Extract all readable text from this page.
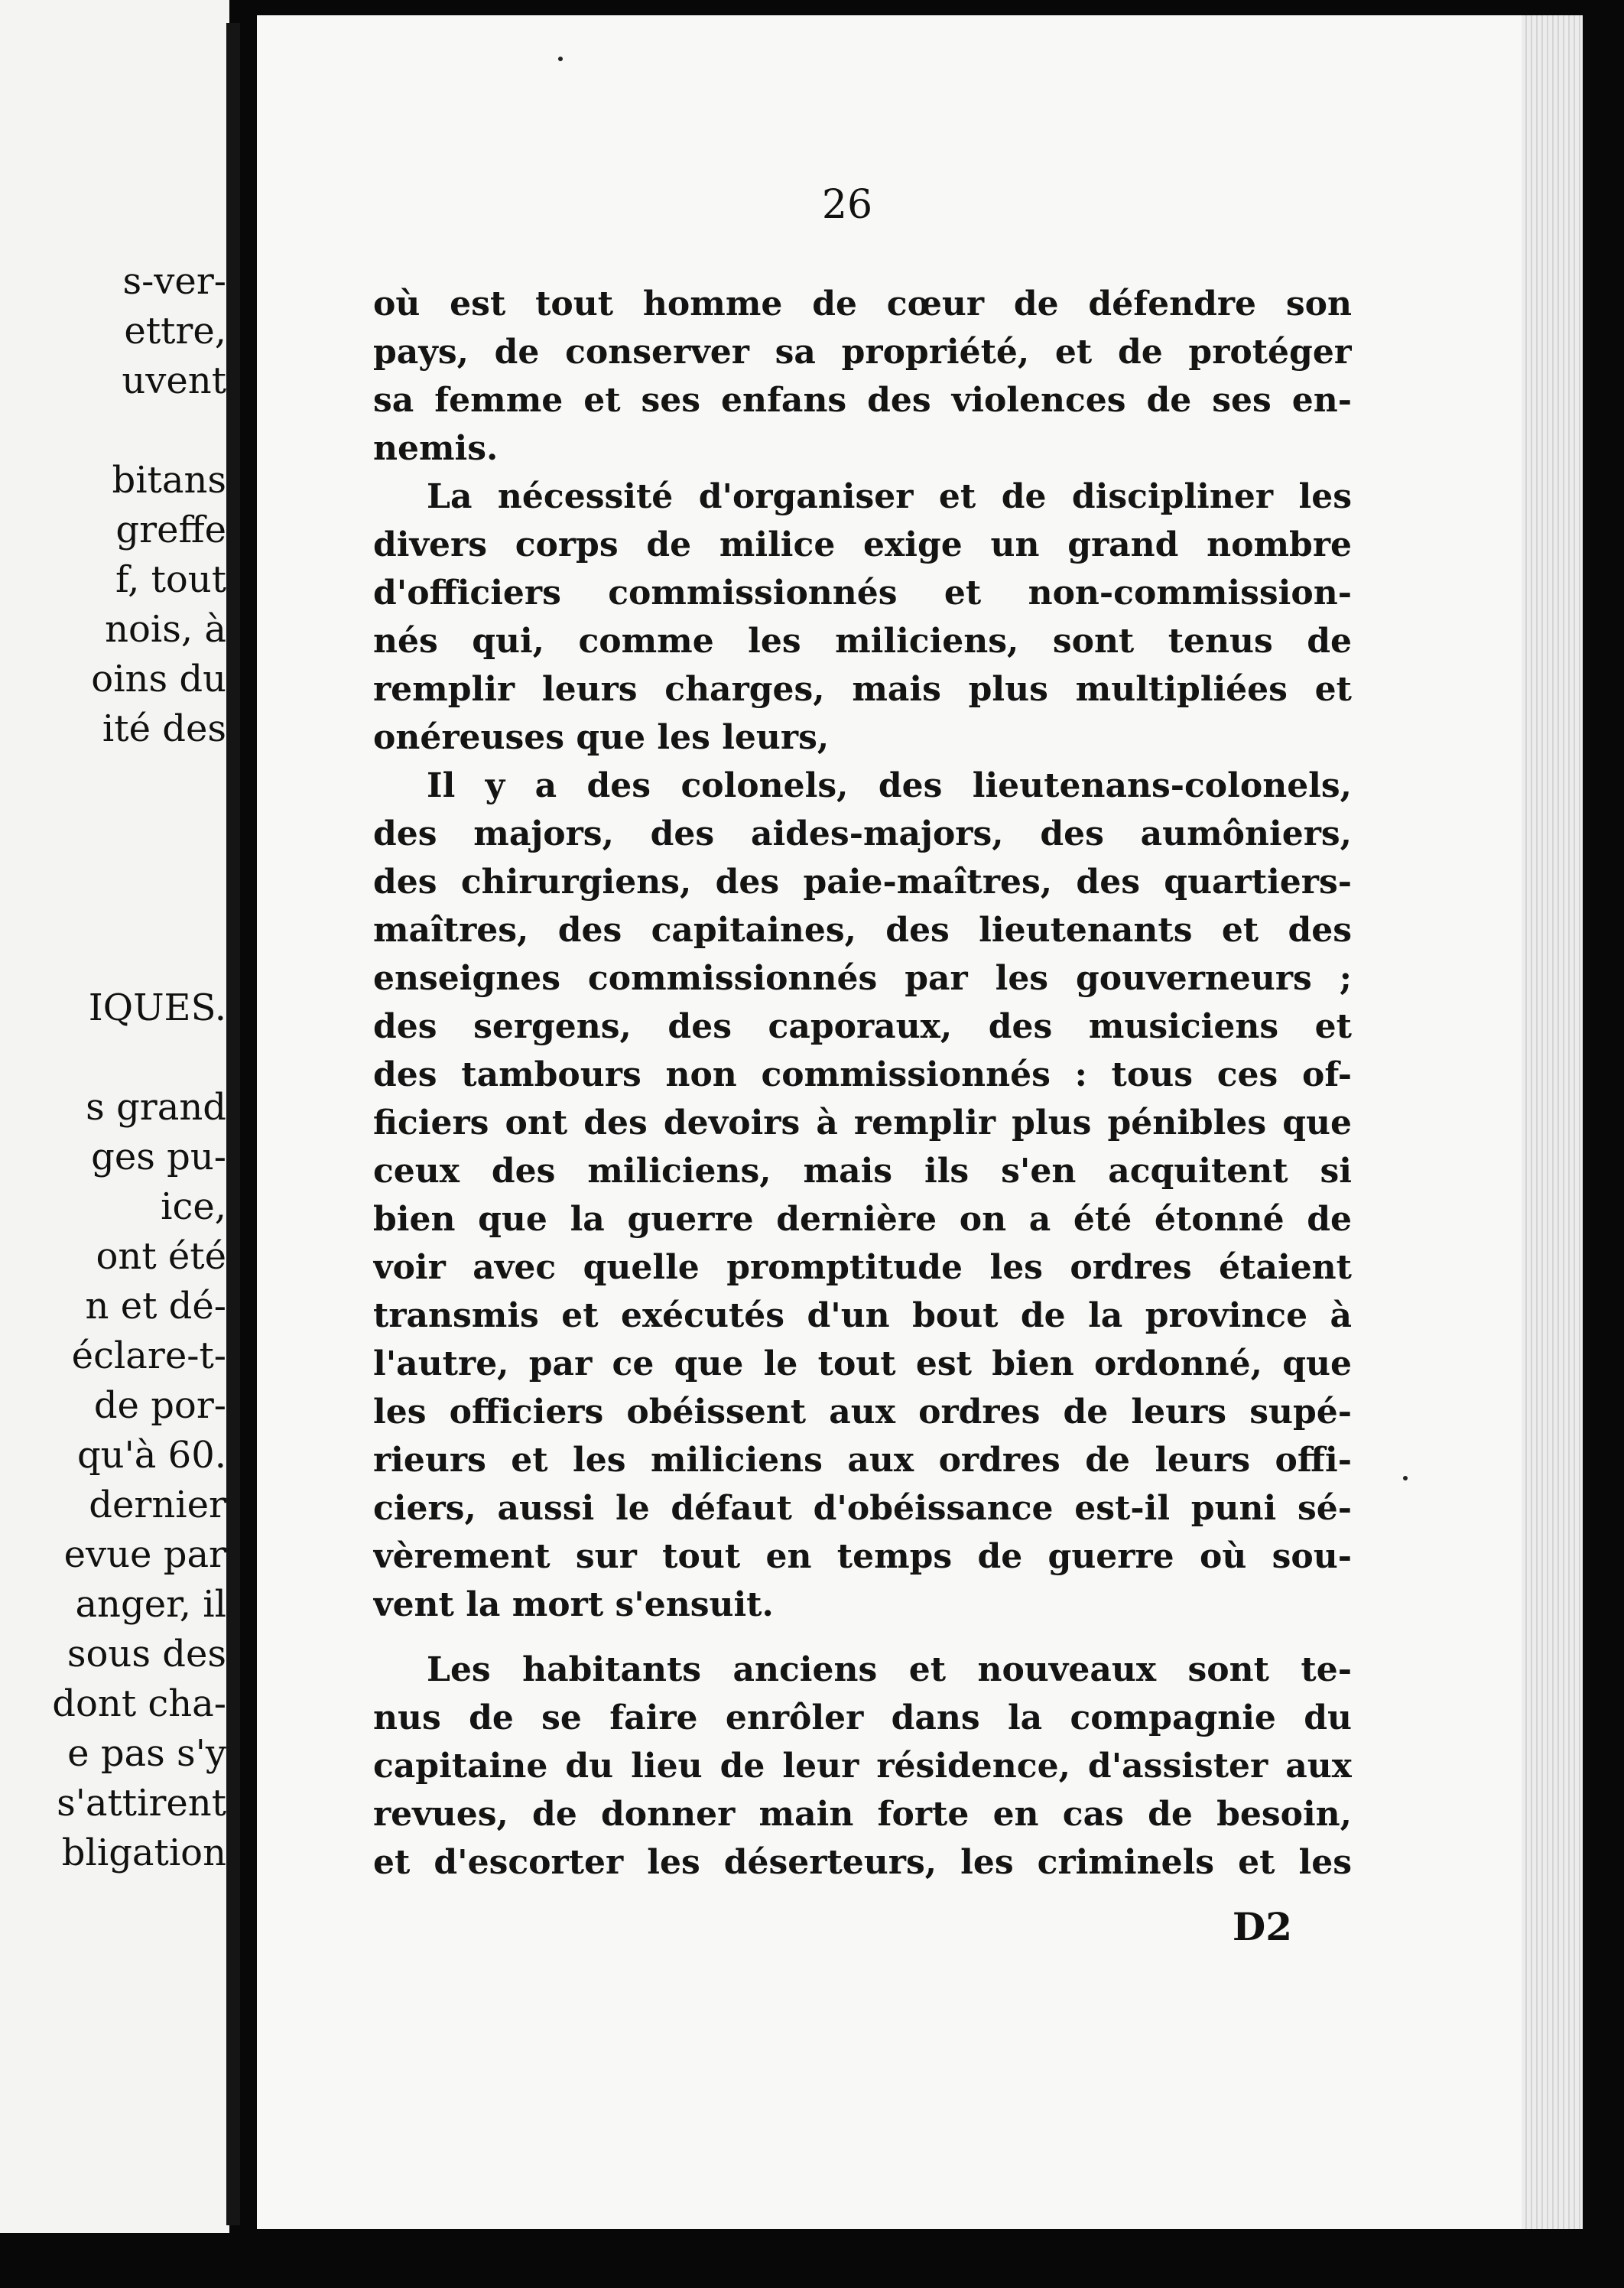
s-ver-
ettre,
uvent
bitans
greffe
f, tout
nois, à
oins du
ité des
IQUES.
s grand
ges pu-
ice,
ont été
n et dé-
éclare-t-
de por-
qu'à 60.
dernier
evue par
anger, il
sous des
dont cha-
e pas s'y
s'attirent
bligation
26
où est tout homme de cœur de défendre son
pays, de conserver sa propriété, et de protéger
sa femme et ses enfans des violences de ses en-
nemis.
La nécessité d'organiser et de discipliner les
divers corps de milice exige un grand nombre
d'officiers commissionnés et non-commission-
nés qui, comme les miliciens, sont tenus de
remplir leurs charges, mais plus multipliées et
onéreuses que les leurs,
Il y a des colonels, des lieutenans-colonels,
des majors, des aides-majors, des aumôniers,
des chirurgiens, des paie-maîtres, des quartiers-
maîtres, des capitaines, des lieutenants et des
enseignes commissionnés par les gouverneurs ;
des sergens, des caporaux, des musiciens et
des tambours non commissionnés : tous ces of-
ficiers ont des devoirs à remplir plus pénibles que
ceux des miliciens, mais ils s'en acquitent si
bien que la guerre dernière on a été étonné de
voir avec quelle promptitude les ordres étaient
transmis et exécutés d'un bout de la province à
l'autre, par ce que le tout est bien ordonné, que
les officiers obéissent aux ordres de leurs supé-
rieurs et les miliciens aux ordres de leurs offi-
ciers, aussi le défaut d'obéissance est-il puni sé-
vèrement sur tout en temps de guerre où sou-
vent la mort s'ensuit.
Les habitants anciens et nouveaux sont te-
nus de se faire enrôler dans la compagnie du
capitaine du lieu de leur résidence, d'assister aux
revues, de donner main forte en cas de besoin,
et d'escorter les déserteurs, les criminels et les
D2
